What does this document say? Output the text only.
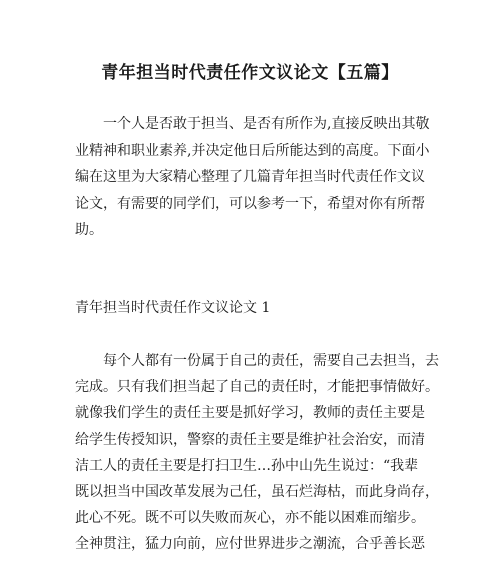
青年担当时代责任作文议论文【五篇】
一个人是否敢于担当、是否有所作为,直接反映出其敬
业精神和职业素养,并决定他日后所能达到的高度。下面小
编在这里为大家精心整理了几篇青年担当时代责任作文议
论文，有需要的同学们，可以参考一下，希望对你有所帮
助。
青年担当时代责任作文议论文 1
每个人都有一份属于自己的责任，需要自己去担当，去
完成。只有我们担当起了自己的责任时，才能把事情做好。
就像我们学生的责任主要是抓好学习，教师的责任主要是
给学生传授知识，警察的责任主要是维护社会治安，而清
洁工人的责任主要是打扫卫生…孙中山先生说过：“我辈
既以担当中国改革发展为己任，虽石烂海枯，而此身尚存，
此心不死。既不可以失败而灰心，亦不能以困难而缩步。
全神贯注，猛力向前，应付世界进步之潮流，合乎善长恶
